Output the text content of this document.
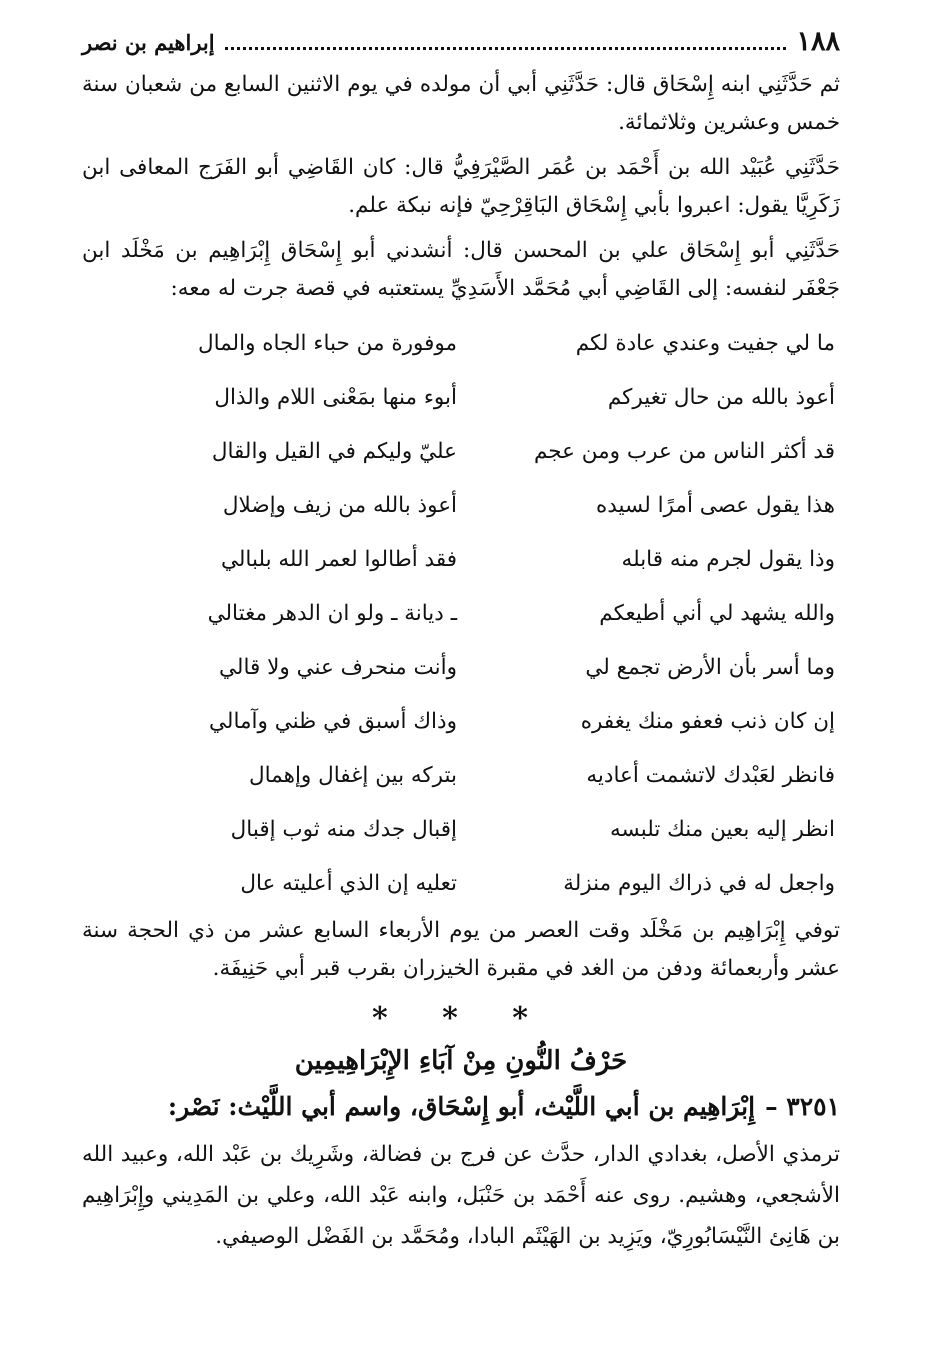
١٨٨
إبراهيم بن نصر

ثم حَدَّثَنِي ابنه إِسْحَاق قال: حَدَّثَنِي أبي أن مولده في يوم الاثنين السابع من شعبان سنة خمس وعشرين وثلاثمائة.

حَدَّثَنِي عُبَيْد الله بن أَحْمَد بن عُمَر الصَّيْرَفِيُّ قال: كان القَاضِي أبو الفَرَج المعافى ابن زَكَرِيَّا يقول: اعبروا بأبي إِسْحَاق البَاقِرْحِيّ فإنه نبكة علم.

حَدَّثَنِي أبو إِسْحَاق علي بن المحسن قال: أنشدني أبو إِسْحَاق إِبْرَاهِيم بن مَخْلَد ابن جَعْفَر لنفسه: إلى القَاضِي أبي مُحَمَّد الأَسَدِيِّ يستعتبه في قصة جرت له معه:

ما لي جفيت وعندي عادة لكم
موفورة من حباء الجاه والمال
أعوذ بالله من حال تغيركم
أبوء منها بمَعْنى اللام والذال
قد أكثر الناس من عرب ومن عجم
عليّ وليكم في القيل والقال
هذا يقول عصى أمرًا لسيده
أعوذ بالله من زيف وإضلال
وذا يقول لجرم منه قابله
فقد أطالوا لعمر الله بلبالي
والله يشهد لي أني أطيعكم
ـ ديانة ـ ولو ان الدهر مغتالي
وما أسر بأن الأرض تجمع لي
وأنت منحرف عني ولا قالي
إن كان ذنب فعفو منك يغفره
وذاك أسبق في ظني وآمالي
فانظر لعَبْدك لاتشمت أعاديه
بتركه بين إغفال وإهمال
انظر إليه بعين منك تلبسه
إقبال جدك منه ثوب إقبال
واجعل له في ذراك اليوم منزلة
تعليه إن الذي أعليته عال

توفي إِبْرَاهِيم بن مَخْلَد وقت العصر من يوم الأربعاء السابع عشر من ذي الحجة سنة عشر وأربعمائة ودفن من الغد في مقبرة الخيزران بقرب قبر أبي حَنِيفَة.

* * *
حَرْفُ النُّونِ مِنْ آبَاءِ الإِبْرَاهِيمِين
٣٢٥١ –إِبْرَاهِيم بن أبي اللَّيْث، أبو إِسْحَاق، واسم أبي اللَّيْث: نَصْر:

ترمذي الأصل، بغدادي الدار، حدَّث عن فرج بن فضالة، وشَرِيك بن عَبْد الله، وعبيد الله الأشجعي، وهشيم. روى عنه أَحْمَد بن حَنْبَل، وابنه عَبْد الله، وعلي بن المَدِيني وإِبْرَاهِيم بن هَانِئ النَّيْسَابُورِيّ، ويَزِيد بن الهَيْثَم البادا، ومُحَمَّد بن الفَضْل الوصيفي.
